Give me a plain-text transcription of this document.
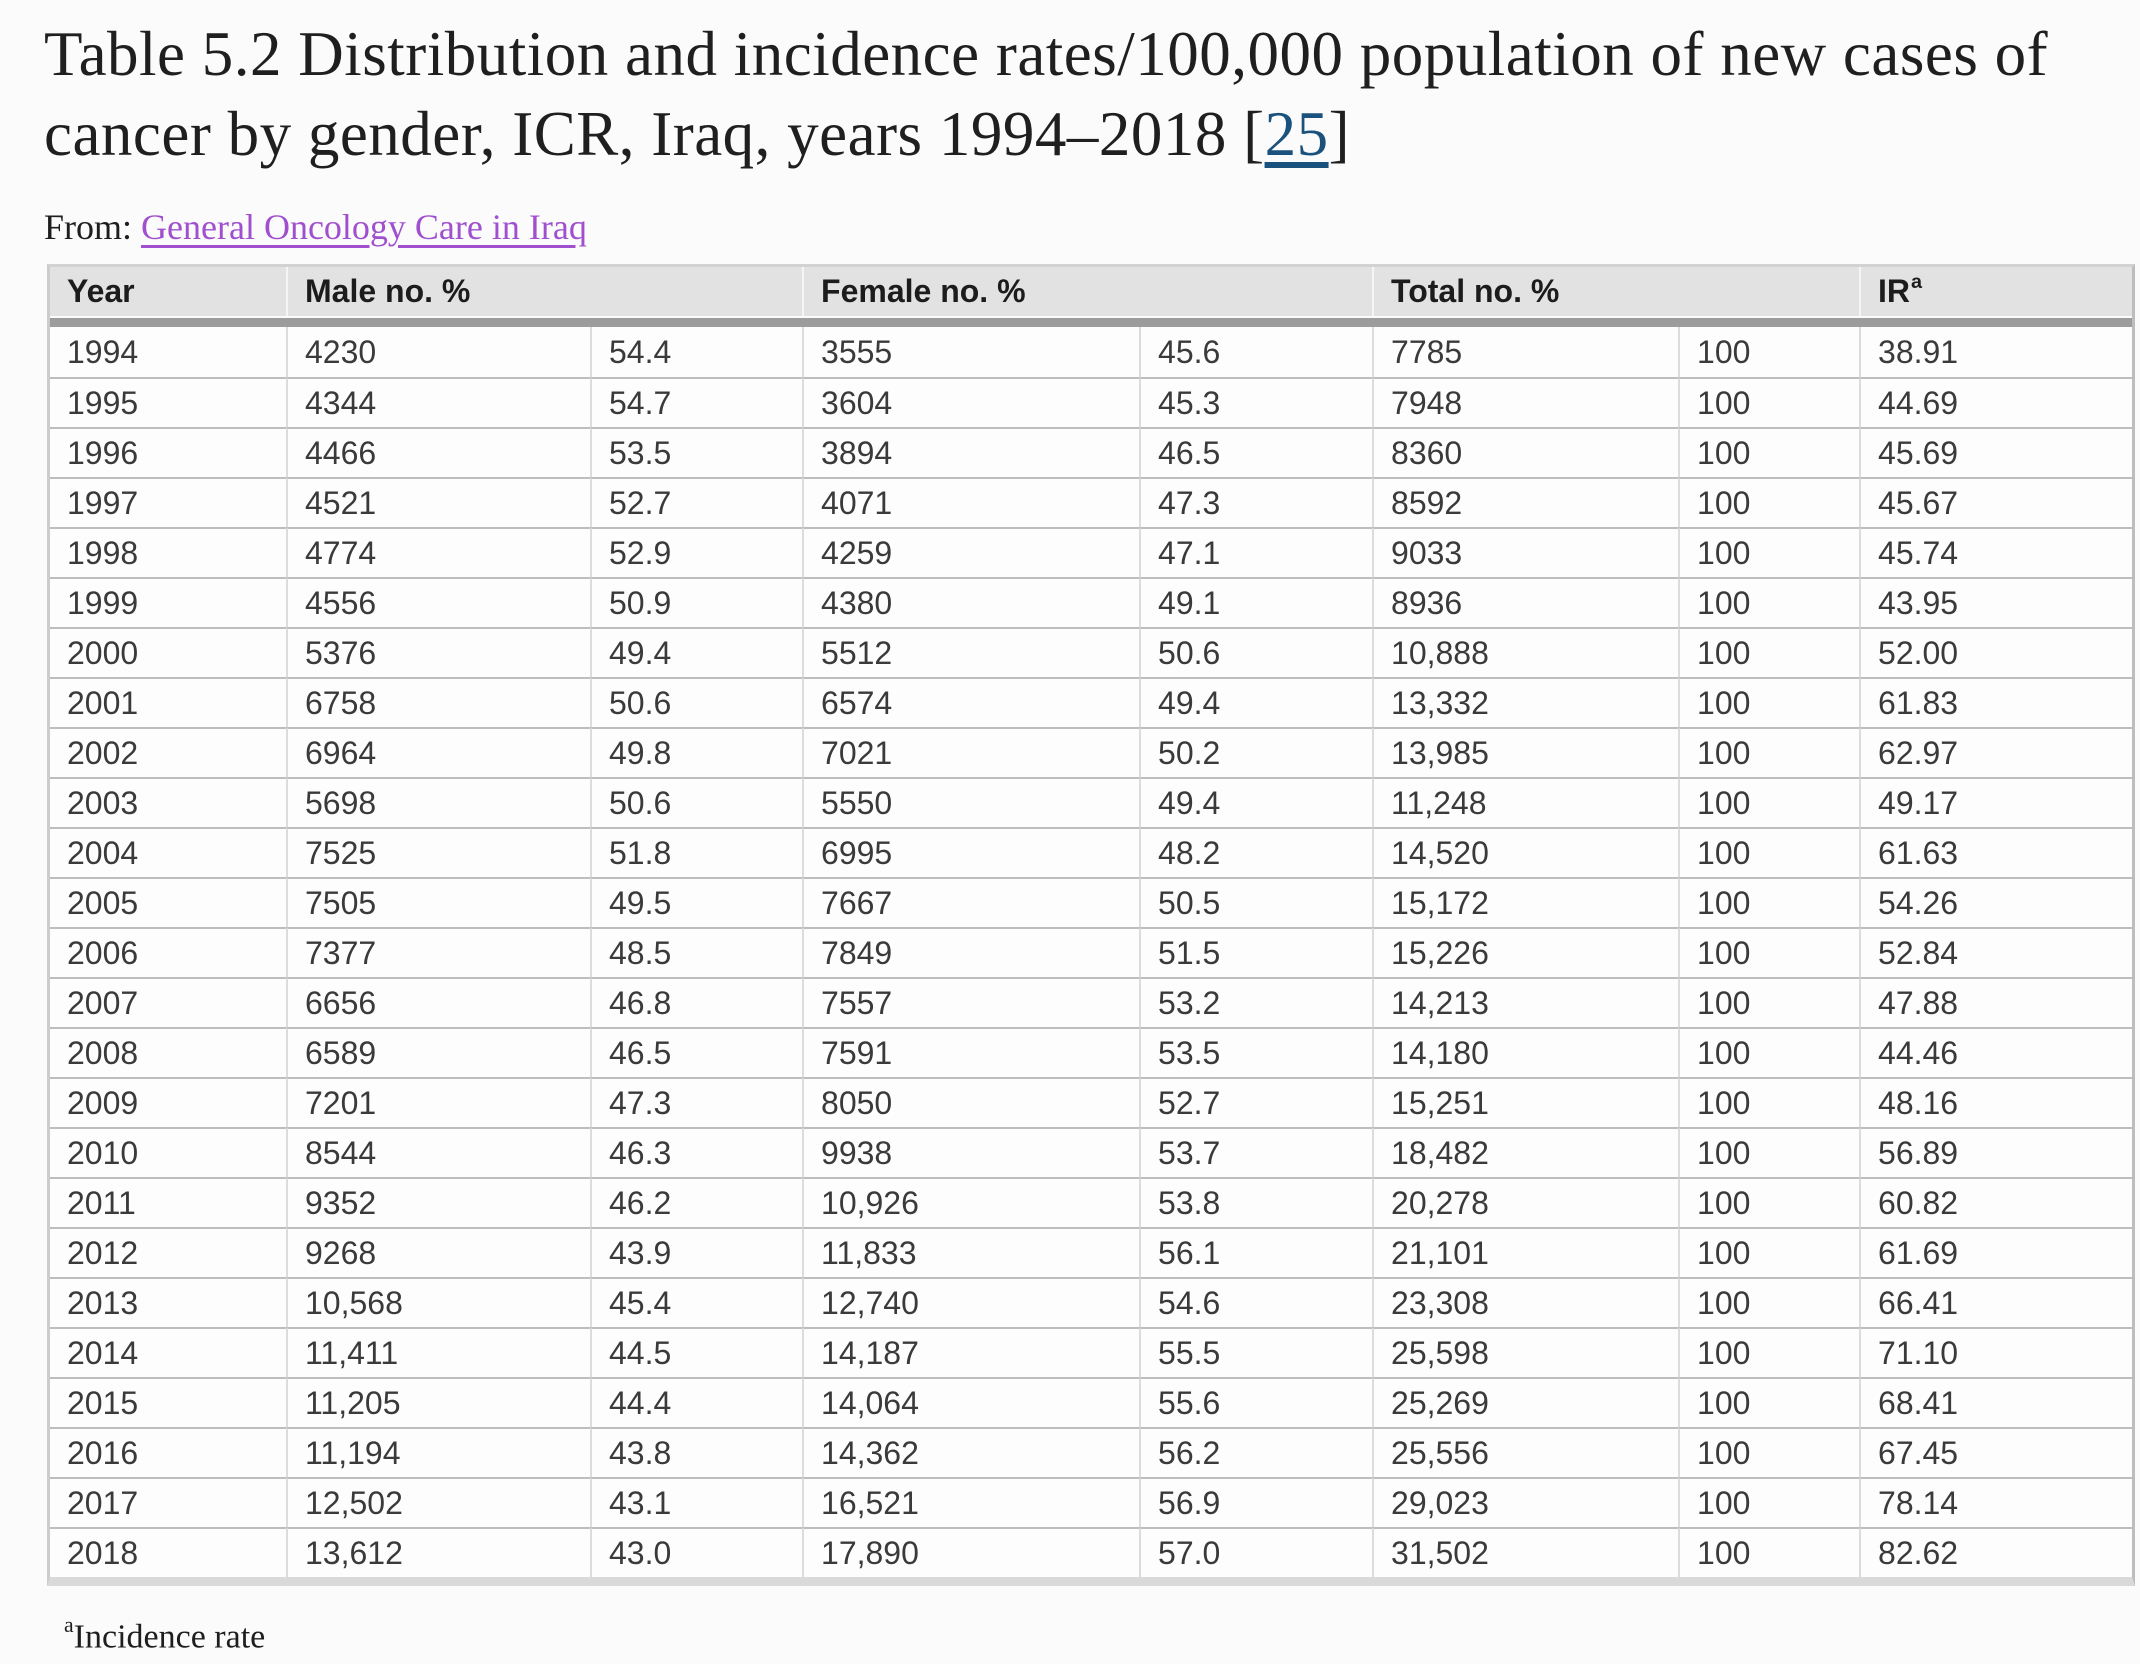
Table 5.2 Distribution and incidence rates/100,000 population of new cases of
cancer by gender, ICR, Iraq, years 1994–2018 [25]

From: General Oncology Care in Iraq

Year	Male no. %		Female no. %		Total no. %		$IR^a$

1994	4230	54.4	3555	45.6	7785	100	38.91
1995	4344	54.7	3604	45.3	7948	100	44.69
1996	4466	53.5	3894	46.5	8360	100	45.69
1997	4521	52.7	4071	47.3	8592	100	45.67
1998	4774	52.9	4259	47.1	9033	100	45.74
1999	4556	50.9	4380	49.1	8936	100	43.95
2000	5376	49.4	5512	50.6	10,888	100	52.00
2001	6758	50.6	6574	49.4	13,332	100	61.83
2002	6964	49.8	7021	50.2	13,985	100	62.97
2003	5698	50.6	5550	49.4	11,248	100	49.17
2004	7525	51.8	6995	48.2	14,520	100	61.63
2005	7505	49.5	7667	50.5	15,172	100	54.26
2006	7377	48.5	7849	51.5	15,226	100	52.84
2007	6656	46.8	7557	53.2	14,213	100	47.88
2008	6589	46.5	7591	53.5	14,180	100	44.46
2009	7201	47.3	8050	52.7	15,251	100	48.16
2010	8544	46.3	9938	53.7	18,482	100	56.89
2011	9352	46.2	10,926	53.8	20,278	100	60.82
2012	9268	43.9	11,833	56.1	21,101	100	61.69
2013	10,568	45.4	12,740	54.6	23,308	100	66.41
2014	11,411	44.5	14,187	55.5	25,598	100	71.10
2015	11,205	44.4	14,064	55.6	25,269	100	68.41
2016	11,194	43.8	14,362	56.2	25,556	100	67.45
2017	12,502	43.1	16,521	56.9	29,023	100	78.14
2018	13,612	43.0	17,890	57.0	31,502	100	82.62

$^a$Incidence rate
